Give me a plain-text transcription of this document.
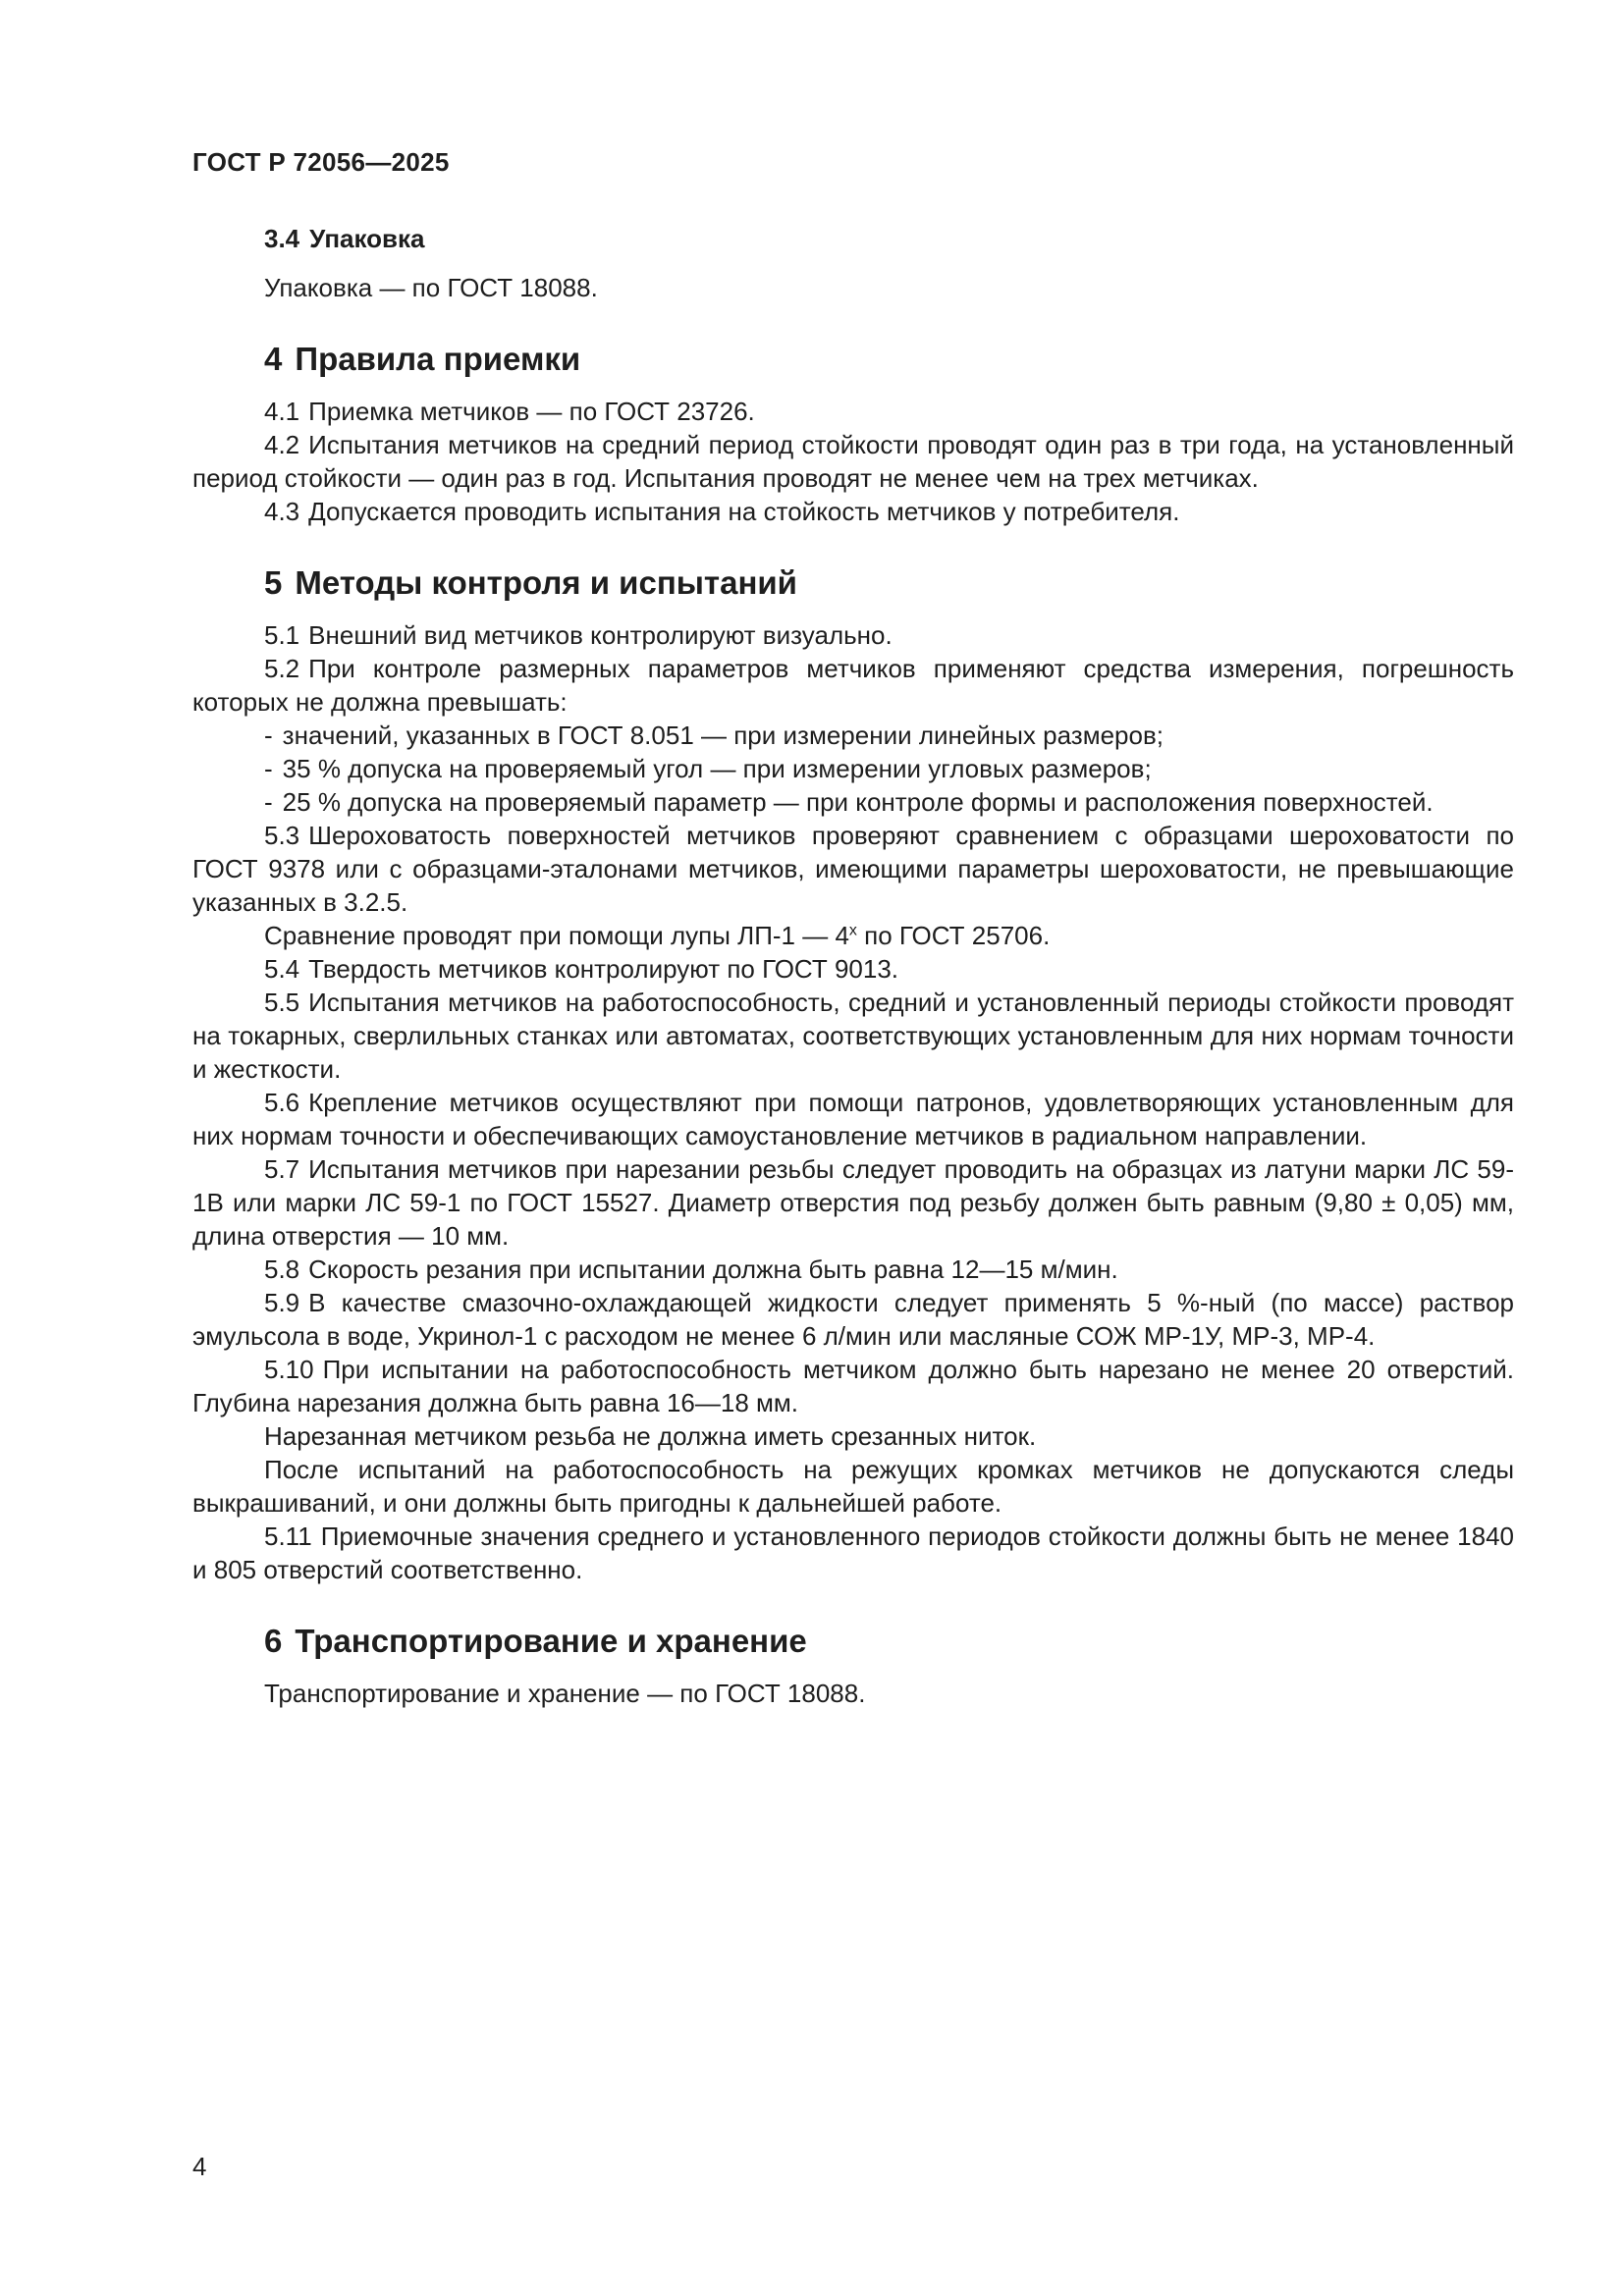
ГОСТ Р 72056—2025

3.4 Упаковка

Упаковка — по ГОСТ 18088.

4 Правила приемки

4.1 Приемка метчиков — по ГОСТ 23726.

4.2 Испытания метчиков на средний период стойкости проводят один раз в три года, на установленный период стойкости — один раз в год. Испытания проводят не менее чем на трех метчиках.

4.3 Допускается проводить испытания на стойкость метчиков у потребителя.

5 Методы контроля и испытаний

5.1 Внешний вид метчиков контролируют визуально.

5.2 При контроле размерных параметров метчиков применяют средства измерения, погрешность которых не должна превышать:

- значений, указанных в ГОСТ 8.051 — при измерении линейных размеров;

- 35 % допуска на проверяемый угол — при измерении угловых размеров;

- 25 % допуска на проверяемый параметр — при контроле формы и расположения поверхностей.

5.3 Шероховатость поверхностей метчиков проверяют сравнением с образцами шероховатости по ГОСТ 9378 или с образцами-эталонами метчиков, имеющими параметры шероховатости, не превышающие указанных в 3.2.5.

Сравнение проводят при помощи лупы ЛП-1 — $4^х$ по ГОСТ 25706.

5.4 Твердость метчиков контролируют по ГОСТ 9013.

5.5 Испытания метчиков на работоспособность, средний и установленный периоды стойкости проводят на токарных, сверлильных станках или автоматах, соответствующих установленным для них нормам точности и жесткости.

5.6 Крепление метчиков осуществляют при помощи патронов, удовлетворяющих установленным для них нормам точности и обеспечивающих самоустановление метчиков в радиальном направлении.

5.7 Испытания метчиков при нарезании резьбы следует проводить на образцах из латуни марки ЛС 59-1В или марки ЛС 59-1 по ГОСТ 15527. Диаметр отверстия под резьбу должен быть равным (9,80 ± 0,05) мм, длина отверстия — 10 мм.

5.8 Скорость резания при испытании должна быть равна 12—15 м/мин.

5.9 В качестве смазочно-охлаждающей жидкости следует применять 5 %-ный (по массе) раствор эмульсола в воде, Укринол-1 с расходом не менее 6 л/мин или масляные СОЖ МР-1У, МР-3, МР-4.

5.10 При испытании на работоспособность метчиком должно быть нарезано не менее 20 отверстий. Глубина нарезания должна быть равна 16—18 мм.

Нарезанная метчиком резьба не должна иметь срезанных ниток.

После испытаний на работоспособность на режущих кромках метчиков не допускаются следы выкрашиваний, и они должны быть пригодны к дальнейшей работе.

5.11 Приемочные значения среднего и установленного периодов стойкости должны быть не менее 1840 и 805 отверстий соответственно.

6 Транспортирование и хранение

Транспортирование и хранение — по ГОСТ 18088.

4
